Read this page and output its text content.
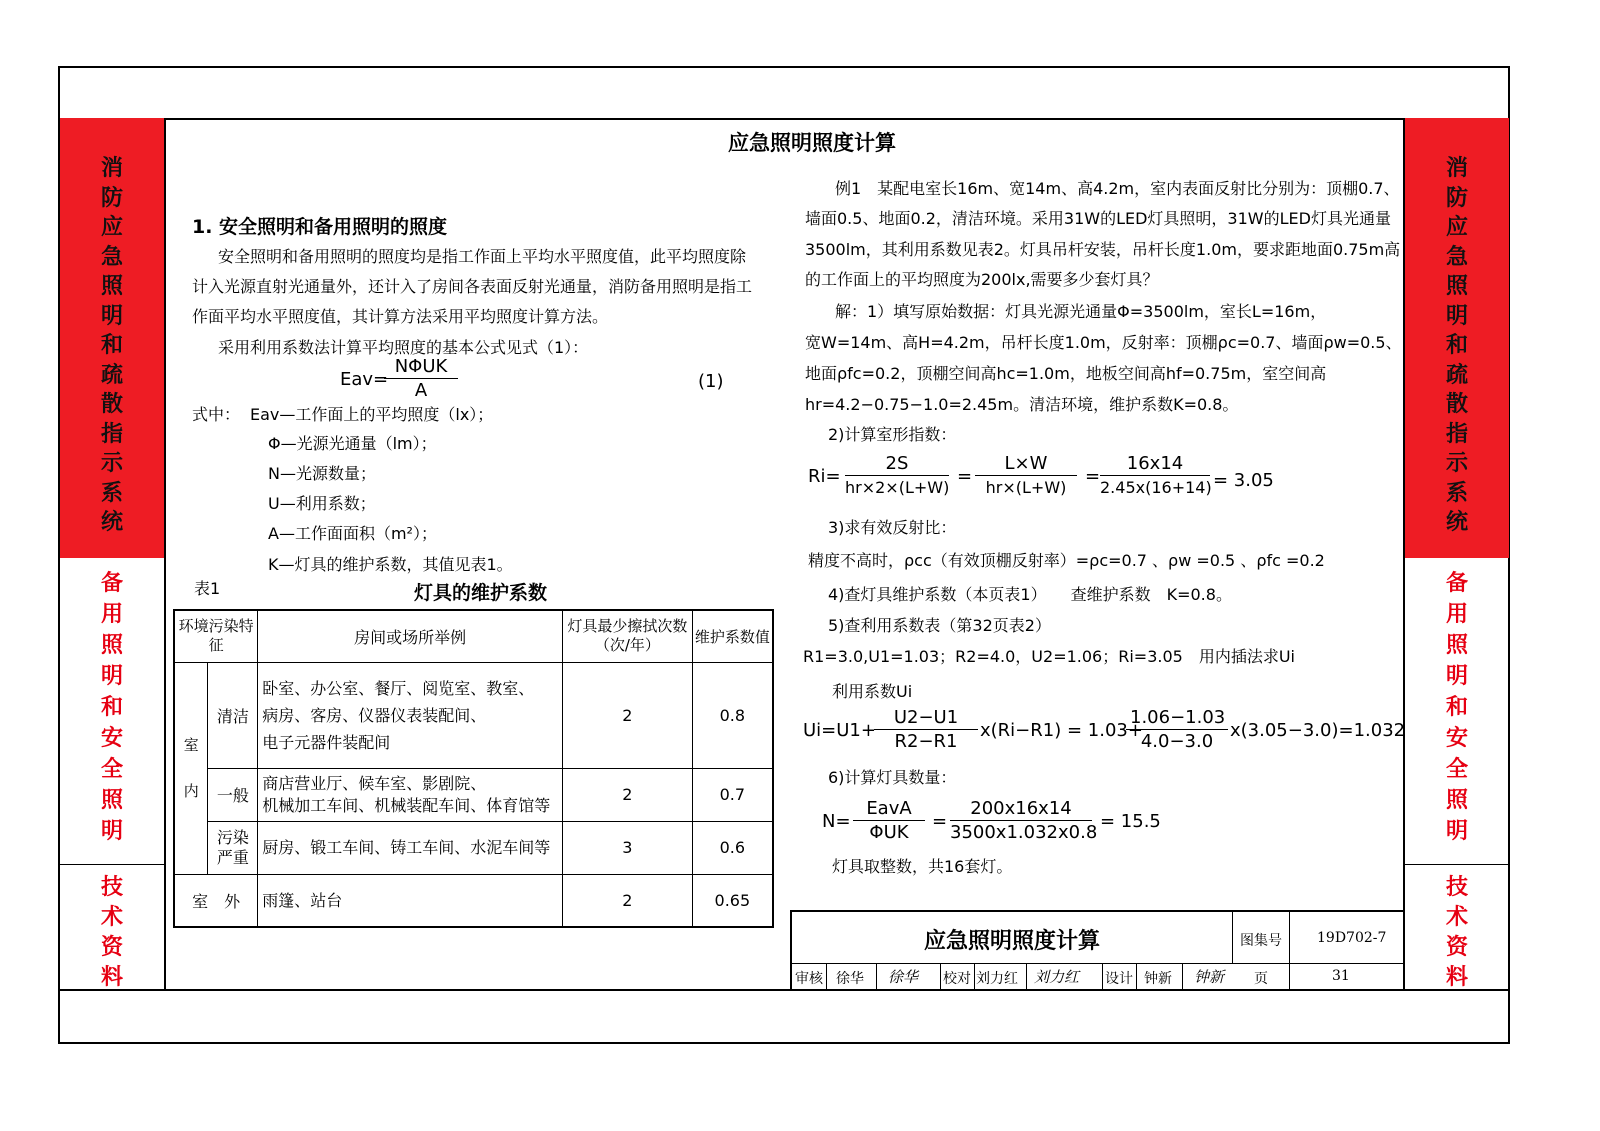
消防应急照明和疏散指示系统
备用照明和安全照明
技术资料
消防应急照明和疏散指示系统
备用照明和安全照明
技术资料
应急照明照度计算
1. 安全照明和备用照明的照度
安全照明和备用照明的照度均是指工作面上平均水平照度值，此平均照度除
计入光源直射光通量外，还计入了房间各表面反射光通量，消防备用照明是指工
作面平均水平照度值，其计算方法采用平均照度计算方法。
采用利用系数法计算平均照度的基本公式见式（1）：
Eav=
NΦUK
A	(1)
式中： Eav—工作面上的平均照度（lx）；
Φ—光源光通量（lm）；
N—光源数量；
U—利用系数；
A—工作面面积（m²）；
K—灯具的维护系数，其值见表1。
表1	灯具的维护系数
环境污染特征		房间或场所举例	灯具最少擦拭次数（次/年）	维护系数值
室内	清洁	卧室、办公室、餐厅、阅览室、教室、
病房、客房、仪器仪表装配间、
电子元器件装配间	2	0.8
	一般	商店营业厅、候车室、影剧院、
机械加工车间、机械装配车间、体育馆等	2	0.7
	污染严重	厨房、锻工车间、铸工车间、水泥车间等	3	0.6
室　外		雨篷、站台	2	0.65
例1　某配电室长16m、宽14m、高4.2m，室内表面反射比分别为：顶棚0.7、
墙面0.5、地面0.2，清洁环境。采用31W的LED灯具照明，31W的LED灯具光通量
3500lm，其利用系数见表2。灯具吊杆安装，吊杆长度1.0m，要求距地面0.75m高
的工作面上的平均照度为200lx,需要多少套灯具？
解：1）填写原始数据：灯具光源光通量Φ=3500lm，室长L=16m，
宽W=14m、高H=4.2m，吊杆长度1.0m，反射率：顶棚ρc=0.7、墙面ρw=0.5、
地面ρfc=0.2，顶棚空间高hc=1.0m，地板空间高hf=0.75m，室空间高
hr=4.2−0.75−1.0=2.45m。清洁环境，维护系数K=0.8。
2)计算室形指数：
$Ri= \frac{2S}{hr\times 2\times(L+W)} = \frac{L\times W}{hr\times(L+W)} = \frac{16x14}{2.45x(16+14)} = 3.05$
3)求有效反射比：
精度不高时，ρcc（有效顶棚反射率）=ρc=0.7 、ρw =0.5 、ρfc =0.2
4)查灯具维护系数（本页表1）　　查维护系数　K=0.8。
5)查利用系数表（第32页表2）
R1=3.0,U1=1.03；R2=4.0，U2=1.06；Ri=3.05　用内插法求Ui
利用系数Ui
Ui=U1+
$\frac{U2-U1}{R2-R1} x(Ri-R1) = 1.03+$
$\frac{1.06-1.03}{4.0-3.0} x(3.05-3.0)=1.032$
6)计算灯具数量：
N=
EavA
ΦUK
= $\frac{200x16x14}{3500x1.032x0.8} = 15.5$
灯具取整数，共16套灯。
应急照明照度计算	图集号	19D702-7
审核 徐华 徐华 校对 刘力红 刘力红 设计 钟新 钟新 页	31
